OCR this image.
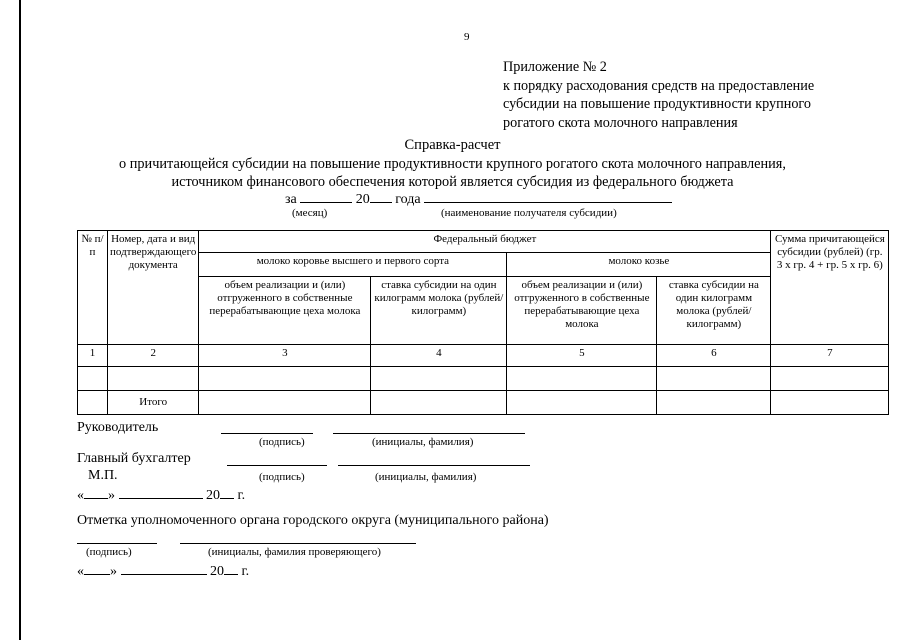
9
Приложение № 2
к порядку расходования средств на предоставление
субсидии на повышение продуктивности крупного
рогатого скота молочного направления
Справка-расчет
о причитающейся субсидии на повышение продуктивности крупного рогатого скота молочного направления,
источником финансового обеспечения которой является субсидия из федерального бюджета
за	20 года
(месяц)	(наименование получателя субсидии)
№ п/п	Номер, дата и вид подтверждающего документа	Федеральный бюджет				Сумма причитающейся субсидии (рублей) (гр. 3 х гр. 4 + гр. 5 х гр. 6)
		молоко коровье высшего и первого сорта		молоко козье		
		объем реализации и (или) отгруженного в собственные перерабатывающие цеха молока	ставка субсидии на один килограмм молока (рублей/килограмм)	объем реализации и (или) отгруженного в собственные перерабатывающие цеха молока	ставка субсидии на один килограмм молока (рублей/ килограмм)	
1	2	3	4	5	6	7

	Итого					
Руководитель
(подпись)	(инициалы, фамилия)
Главный бухгалтер
М.П.	(подпись)	(инициалы, фамилия)
« »	20 г.
Отметка уполномоченного органа городского округа (муниципального района)
(подпись)	(инициалы, фамилия проверяющего)
« »	20 г.
